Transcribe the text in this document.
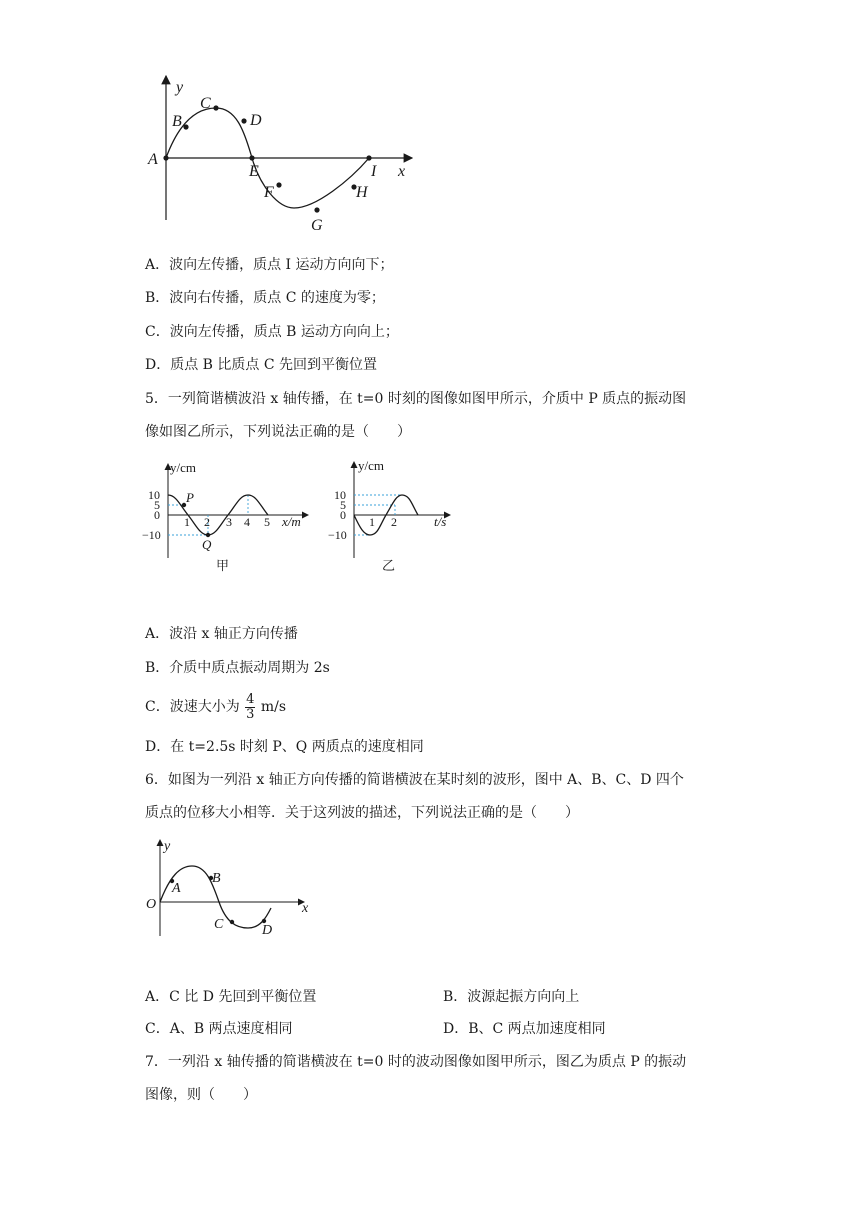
y
x
A
B
C
D
E
F
G
H
I
A．波向左传播，质点 I 运动方向向下；
B．波向右传播，质点 C 的速度为零；
C．波向左传播，质点 B 运动方向向上；
D．质点 B 比质点 C 先回到平衡位置
5．一列简谐横波沿 x 轴传播，在 t=0 时刻的图像如图甲所示，介质中 P 质点的振动图
像如图乙所示，下列说法正确的是（　　）
y/cm
10
5
0
−10
1 2 3 4 5 x/m
P
Q
甲
y/cm
10
5
0
−10
1 2	t/s
乙
A．波沿 x 轴正方向传播
B．介质中质点振动周期为 2s
C．波速大小为 $\frac{4}{3} m/s$
D．在 t=2.5s 时刻 P、Q 两质点的速度相同
6．如图为一列沿 x 轴正方向传播的简谐横波在某时刻的波形，图中 A、B、C、D 四个
质点的位移大小相等．关于这列波的描述，下列说法正确的是（　　）
y
x
O
A
B
C	D
A．C 比 D 先回到平衡位置	B．波源起振方向向上
C．A、B 两点速度相同	D．B、C 两点加速度相同
7．一列沿 x 轴传播的简谐横波在 t=0 时的波动图像如图甲所示，图乙为质点 P 的振动
图像，则（　　）
